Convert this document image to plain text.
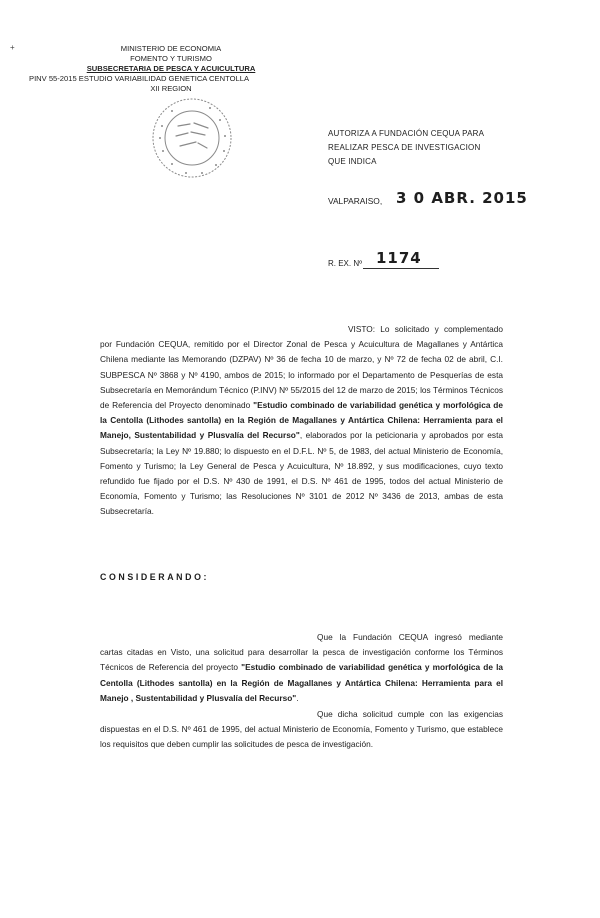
+	MINISTERIO DE ECONOMIA
FOMENTO Y TURISMO
SUBSECRETARIA DE PESCA Y ACUICULTURA
PINV 55-2015 ESTUDIO VARIABILIDAD GENETICA CENTOLLA
XII REGION
AUTORIZA A FUNDACIÓN CEQUA PARA REALIZAR PESCA DE INVESTIGACION QUE INDICA
VALPARAISO, 3 0 ABR. 2015
R. EX. Nº 1174
VISTO: Lo solicitado y complementado por Fundación CEQUA, remitido por el Director Zonal de Pesca y Acuicultura de Magallanes y Antártica Chilena mediante las Memorando (DZPAV) Nº 36 de fecha 10 de marzo, y Nº 72 de fecha 02 de abril, C.I. SUBPESCA Nº 3868 y Nº 4190, ambos de 2015; lo informado por el Departamento de Pesquerías de esta Subsecretaría en Memorándum Técnico (P.INV) Nº 55/2015 del 12 de marzo de 2015; los Términos Técnicos de Referencia del Proyecto denominado "Estudio combinado de variabilidad genética y morfológica de la Centolla (Lithodes santolla) en la Región de Magallanes y Antártica Chilena: Herramienta para el Manejo, Sustentabilidad y Plusvalía del Recurso", elaborados por la peticionaria y aprobados por esta Subsecretaría; la Ley Nº 19.880; lo dispuesto en el D.F.L. Nº 5, de 1983, del actual Ministerio de Economía, Fomento y Turismo; la Ley General de Pesca y Acuicultura, Nº 18.892, y sus modificaciones, cuyo texto refundido fue fijado por el D.S. Nº 430 de 1991, el D.S. Nº 461 de 1995, todos del actual Ministerio de Economía, Fomento y Turismo; las Resoluciones Nº 3101 de 2012 Nº 3436 de 2013, ambas de esta Subsecretaría.
CONSIDERANDO:
Que la Fundación CEQUA ingresó mediante cartas citadas en Visto, una solicitud para desarrollar la pesca de investigación conforme los Términos Técnicos de Referencia del proyecto "Estudio combinado de variabilidad genética y morfológica de la Centolla (Lithodes santolla) en la Región de Magallanes y Antártica Chilena: Herramienta para el Manejo , Sustentabilidad y Plusvalía del Recurso".
Que dicha solicitud cumple con las exigencias dispuestas en el D.S. Nº 461 de 1995, del actual Ministerio de Economía, Fomento y Turismo, que establece los requisitos que deben cumplir las solicitudes de pesca de investigación.
